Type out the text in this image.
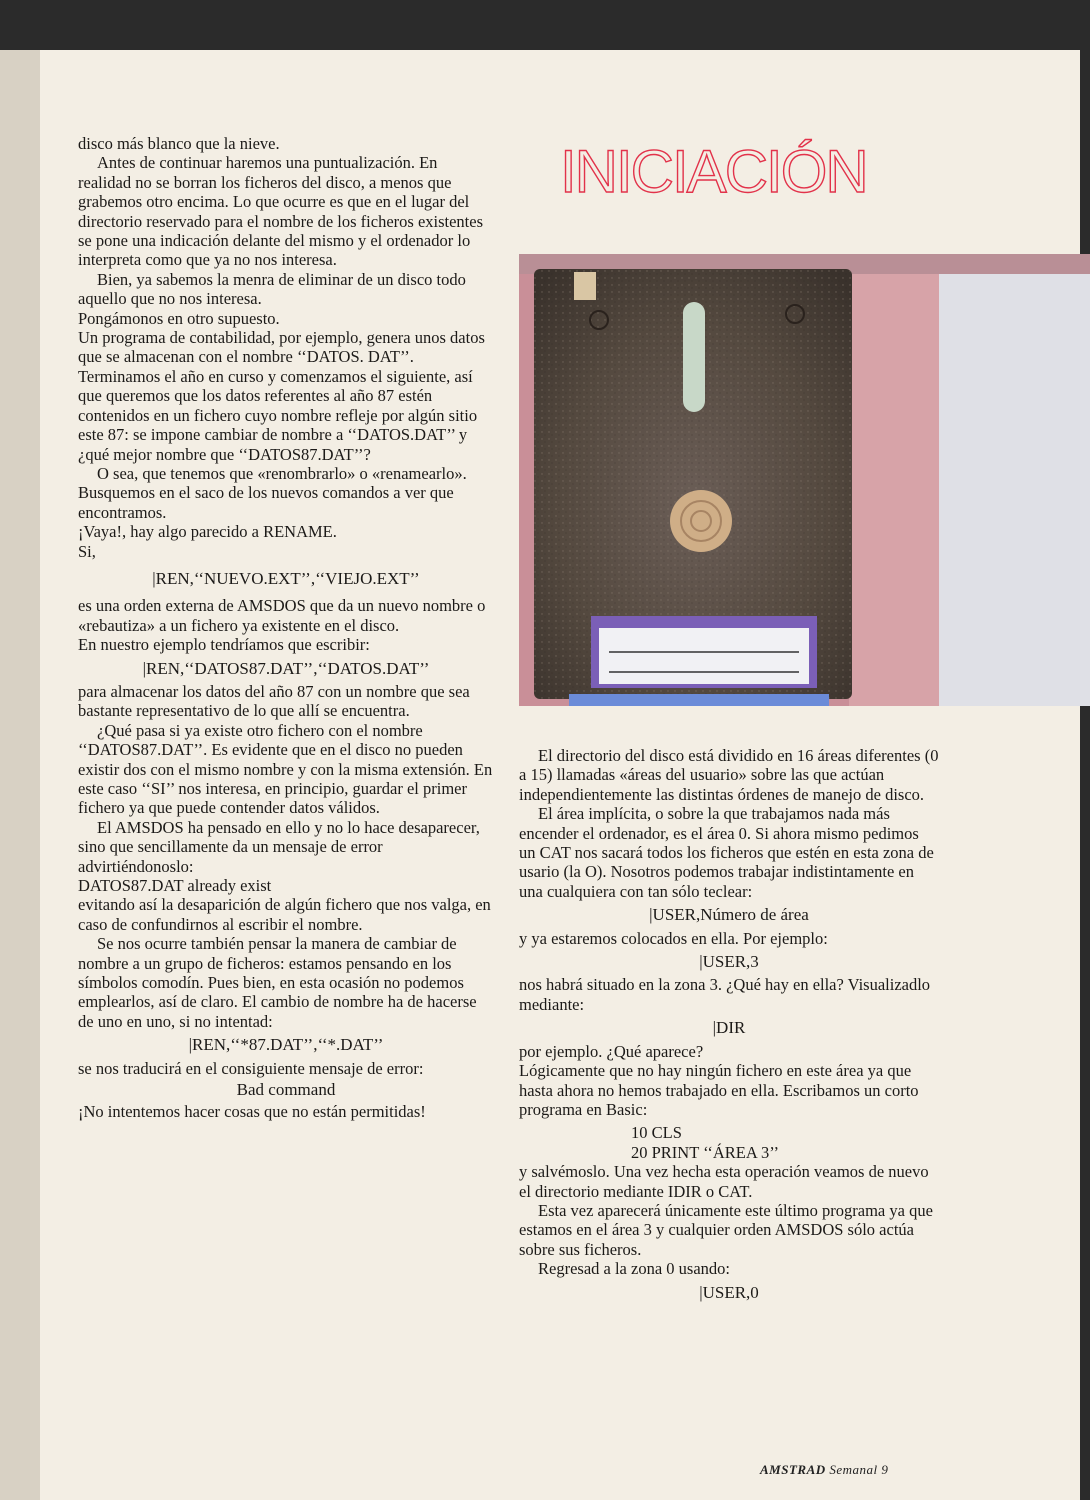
disco más blanco que la nieve.

Antes de continuar haremos una puntualización. En realidad no se borran los ficheros del disco, a menos que grabemos otro encima. Lo que ocurre es que en el lugar del directorio reservado para el nombre de los ficheros existentes se pone una indicación delante del mismo y el ordenador lo interpreta como que ya no nos interesa.

Bien, ya sabemos la menra de eliminar de un disco todo aquello que no nos interesa.

Pongámonos en otro supuesto.

Un programa de contabilidad, por ejemplo, genera unos datos que se almacenan con el nombre ‘‘DATOS. DAT’’. Terminamos el año en curso y comenzamos el siguiente, así que queremos que los datos referentes al año 87 estén contenidos en un fichero cuyo nombre refleje por algún sitio este 87: se impone cambiar de nombre a ‘‘DATOS.DAT’’ y ¿qué mejor nombre que ‘‘DATOS87.DAT’’?

O sea, que tenemos que «renombrarlo» o «renamearlo». Busquemos en el saco de los nuevos comandos a ver que encontramos.

¡Vaya!, hay algo parecido a RENAME.

Si,

|REN,‘‘NUEVO.EXT’’,‘‘VIEJO.EXT’’

es una orden externa de AMSDOS que da un nuevo nombre o «rebautiza» a un fichero ya existente en el disco.

En nuestro ejemplo tendríamos que escribir:

|REN,‘‘DATOS87.DAT’’,‘‘DATOS.DAT’’

para almacenar los datos del año 87 con un nombre que sea bastante representativo de lo que allí se encuentra.

¿Qué pasa si ya existe otro fichero con el nombre ‘‘DATOS87.DAT’’. Es evidente que en el disco no pueden existir dos con el mismo nombre y con la misma extensión. En este caso ‘‘SI’’ nos interesa, en principio, guardar el primer fichero ya que puede contender datos válidos.

El AMSDOS ha pensado en ello y no lo hace desaparecer, sino que sencillamente da un mensaje de error advirtiéndonoslo:

DATOS87.DAT already exist

evitando así la desaparición de algún fichero que nos valga, en caso de confundirnos al escribir el nombre.

Se nos ocurre también pensar la manera de cambiar de nombre a un grupo de ficheros: estamos pensando en los símbolos comodín. Pues bien, en esta ocasión no podemos emplearlos, así de claro. El cambio de nombre ha de hacerse de uno en uno, si no intentad:

|REN,‘‘*87.DAT’’,‘‘*.DAT’’

se nos traducirá en el consiguiente mensaje de error:

Bad command

¡No intentemos hacer cosas que no están permitidas!

INICIACIÓN

El directorio del disco está dividido en 16 áreas diferentes (0 a 15) llamadas «áreas del usuario» sobre las que actúan independientemente las distintas órdenes de manejo de disco.

El área implícita, o sobre la que trabajamos nada más encender el ordenador, es el área 0. Si ahora mismo pedimos un CAT nos sacará todos los ficheros que estén en esta zona de usario (la O). Nosotros podemos trabajar indistintamente en una cualquiera con tan sólo teclear:

|USER,Número de área

y ya estaremos colocados en ella. Por ejemplo:

|USER,3

nos habrá situado en la zona 3. ¿Qué hay en ella? Visualizadlo mediante:

|DIR

por ejemplo. ¿Qué aparece?

Lógicamente que no hay ningún fichero en este área ya que hasta ahora no hemos trabajado en ella. Escribamos un corto programa en Basic:

10 CLS

20 PRINT ‘‘ÁREA 3’’

y salvémoslo. Una vez hecha esta operación veamos de nuevo el directorio mediante IDIR o CAT.

Esta vez aparecerá únicamente este último programa ya que estamos en el área 3 y cualquier orden AMSDOS sólo actúa sobre sus ficheros.

Regresad a la zona 0 usando:

|USER,0

AMSTRAD Semanal 9
